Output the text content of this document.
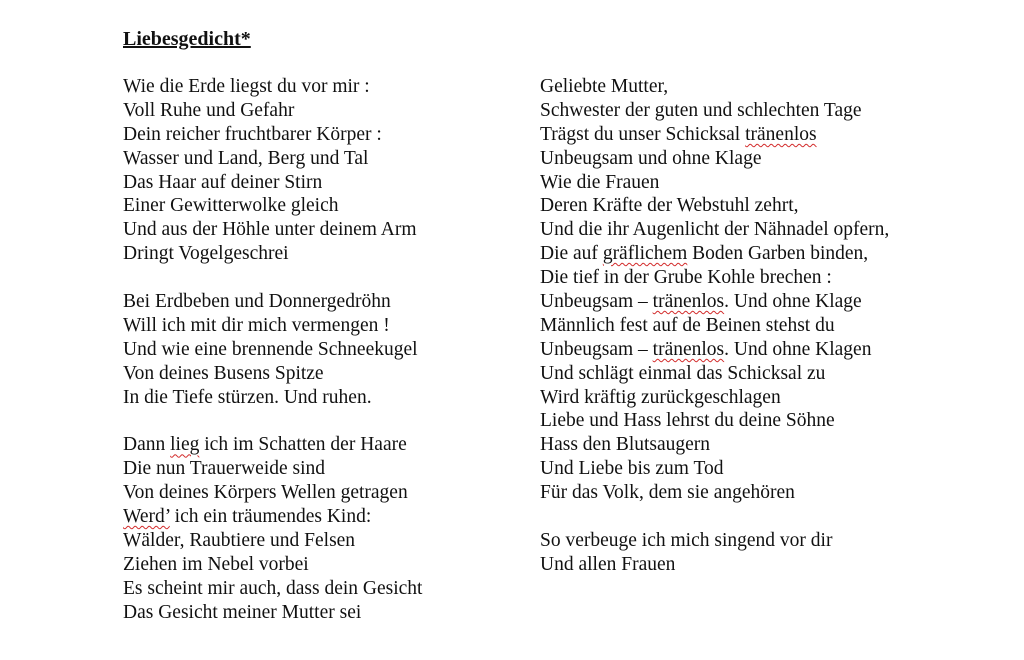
Liebesgedicht*
Wie die Erde liegst du vor mir :
Voll Ruhe und Gefahr
Dein reicher fruchtbarer Körper :
Wasser und Land, Berg und Tal
Das Haar auf deiner Stirn
Einer Gewitterwolke gleich
Und aus der Höhle unter deinem Arm
Dringt Vogelgeschrei
Bei Erdbeben und Donnergedröhn
Will ich mit dir mich vermengen !
Und wie eine brennende Schneekugel
Von deines Busens Spitze
In die Tiefe stürzen. Und ruhen.
Dann lieg ich im Schatten der Haare
Die nun Trauerweide sind
Von deines Körpers Wellen getragen
Werd’ ich ein träumendes Kind:
Wälder, Raubtiere und Felsen
Ziehen im Nebel vorbei
Es scheint mir auch, dass dein Gesicht
Das Gesicht meiner Mutter sei
Geliebte Mutter,
Schwester der guten und schlechten Tage
Trägst du unser Schicksal tränenlos
Unbeugsam und ohne Klage
Wie die Frauen
Deren Kräfte der Webstuhl zehrt,
Und die ihr Augenlicht der Nähnadel opfern,
Die auf gräflichem Boden Garben binden,
Die tief in der Grube Kohle brechen :
Unbeugsam – tränenlos. Und ohne Klage
Männlich fest auf de Beinen stehst du
Unbeugsam – tränenlos. Und ohne Klagen
Und schlägt einmal das Schicksal zu
Wird kräftig zurückgeschlagen
Liebe und Hass lehrst du deine Söhne
Hass den Blutsaugern
Und Liebe bis zum Tod
Für das Volk, dem sie angehören
So verbeuge ich mich singend vor dir
Und allen Frauen
